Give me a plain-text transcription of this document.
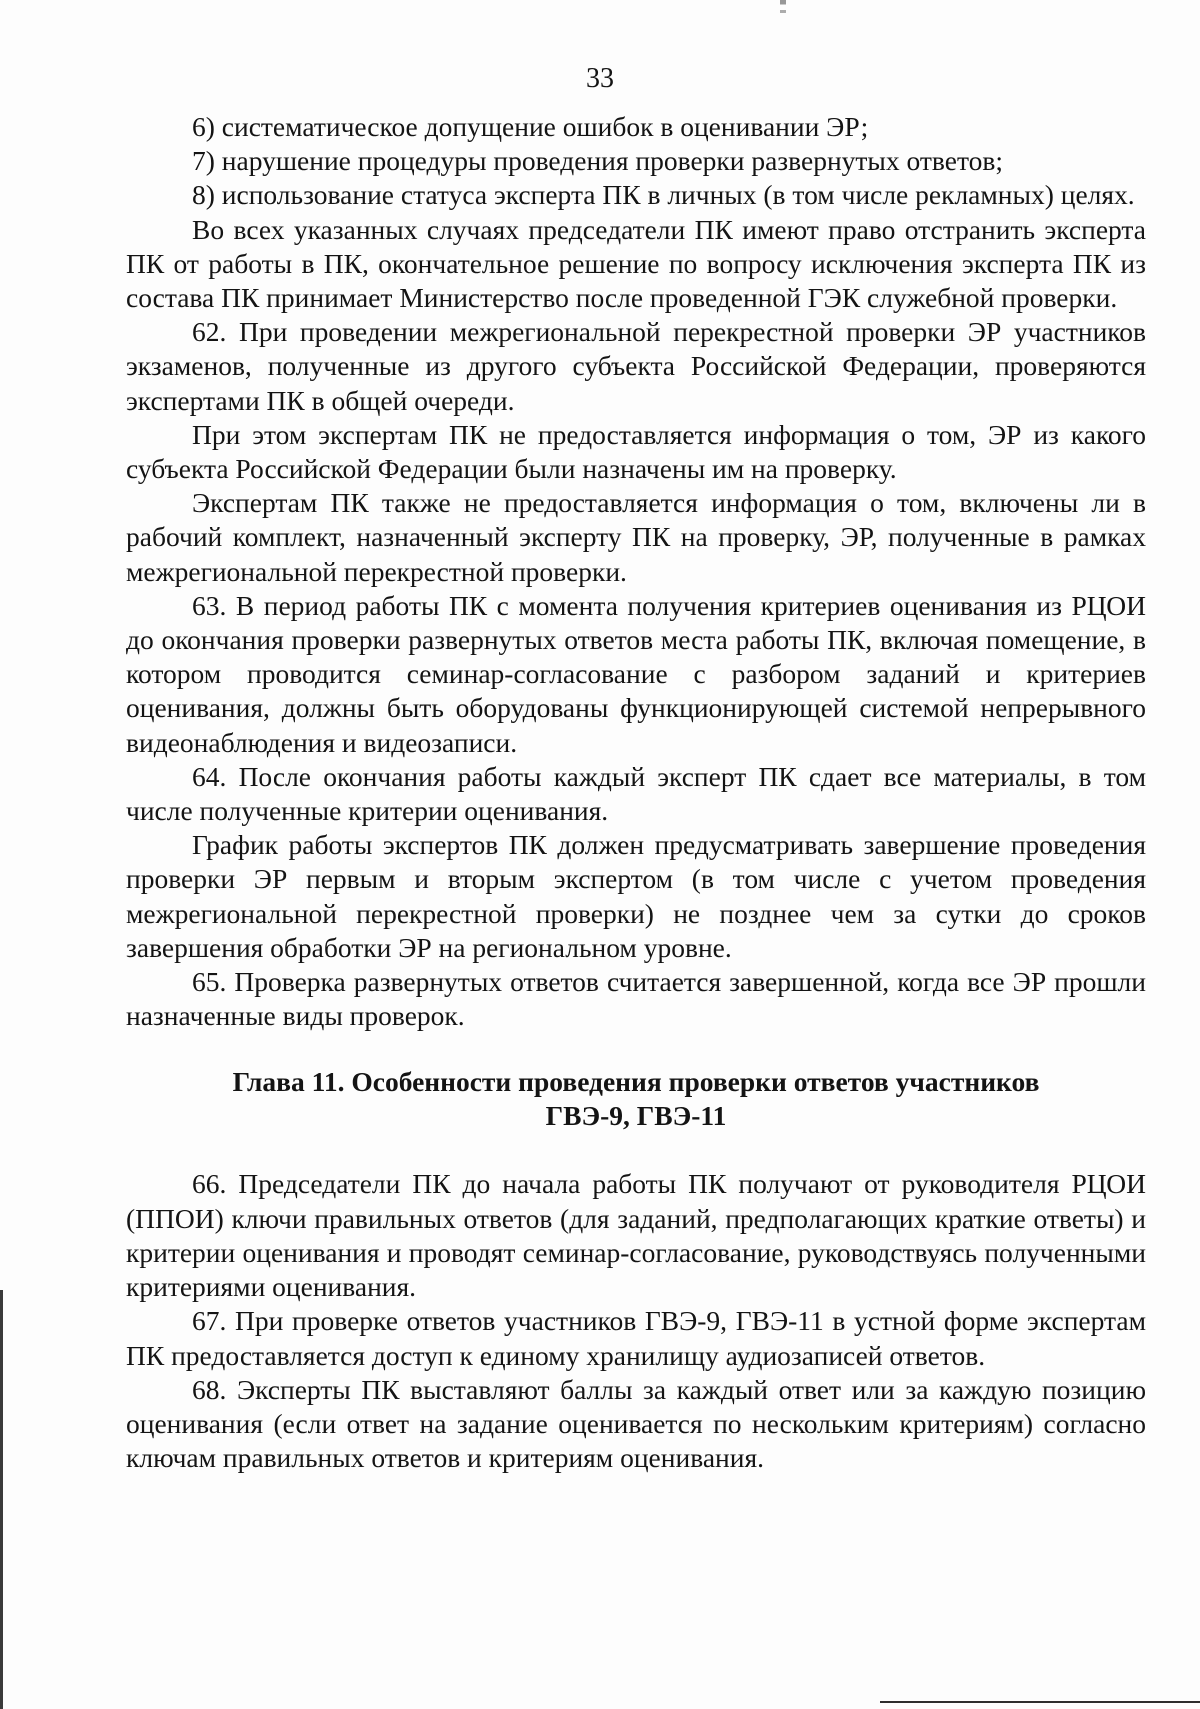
33

6) систематическое допущение ошибок в оценивании ЭР;

7) нарушение процедуры проведения проверки развернутых ответов;

8) использование статуса эксперта ПК в личных (в том числе рекламных) целях.

Во всех указанных случаях председатели ПК имеют право отстранить эксперта ПК от работы в ПК, окончательное решение по вопросу исключения эксперта ПК из состава ПК принимает Министерство после проведенной ГЭК служебной проверки.

62. При проведении межрегиональной перекрестной проверки ЭР участников экзаменов, полученные из другого субъекта Российской Федерации, проверяются экспертами ПК в общей очереди.

При этом экспертам ПК не предоставляется информация о том, ЭР из какого субъекта Российской Федерации были назначены им на проверку.

Экспертам ПК также не предоставляется информация о том, включены ли в рабочий комплект, назначенный эксперту ПК на проверку, ЭР, полученные в рамках межрегиональной перекрестной проверки.

63. В период работы ПК с момента получения критериев оценивания из РЦОИ до окончания проверки развернутых ответов места работы ПК, включая помещение, в котором проводится семинар-согласование с разбором заданий и критериев оценивания, должны быть оборудованы функционирующей системой непрерывного видеонаблюдения и видеозаписи.

64. После окончания работы каждый эксперт ПК сдает все материалы, в том числе полученные критерии оценивания.

График работы экспертов ПК должен предусматривать завершение проведения проверки ЭР первым и вторым экспертом (в том числе с учетом проведения межрегиональной перекрестной проверки) не позднее чем за сутки до сроков завершения обработки ЭР на региональном уровне.

65. Проверка развернутых ответов считается завершенной, когда все ЭР прошли назначенные виды проверок.

Глава 11. Особенности проведения проверки ответов участников
ГВЭ-9, ГВЭ-11

66. Председатели ПК до начала работы ПК получают от руководителя РЦОИ (ППОИ) ключи правильных ответов (для заданий, предполагающих краткие ответы) и критерии оценивания и проводят семинар-согласование, руководствуясь полученными критериями оценивания.

67. При проверке ответов участников ГВЭ-9, ГВЭ-11 в устной форме экспертам ПК предоставляется доступ к единому хранилищу аудиозаписей ответов.

68. Эксперты ПК выставляют баллы за каждый ответ или за каждую позицию оценивания (если ответ на задание оценивается по нескольким критериям) согласно ключам правильных ответов и критериям оценивания.
